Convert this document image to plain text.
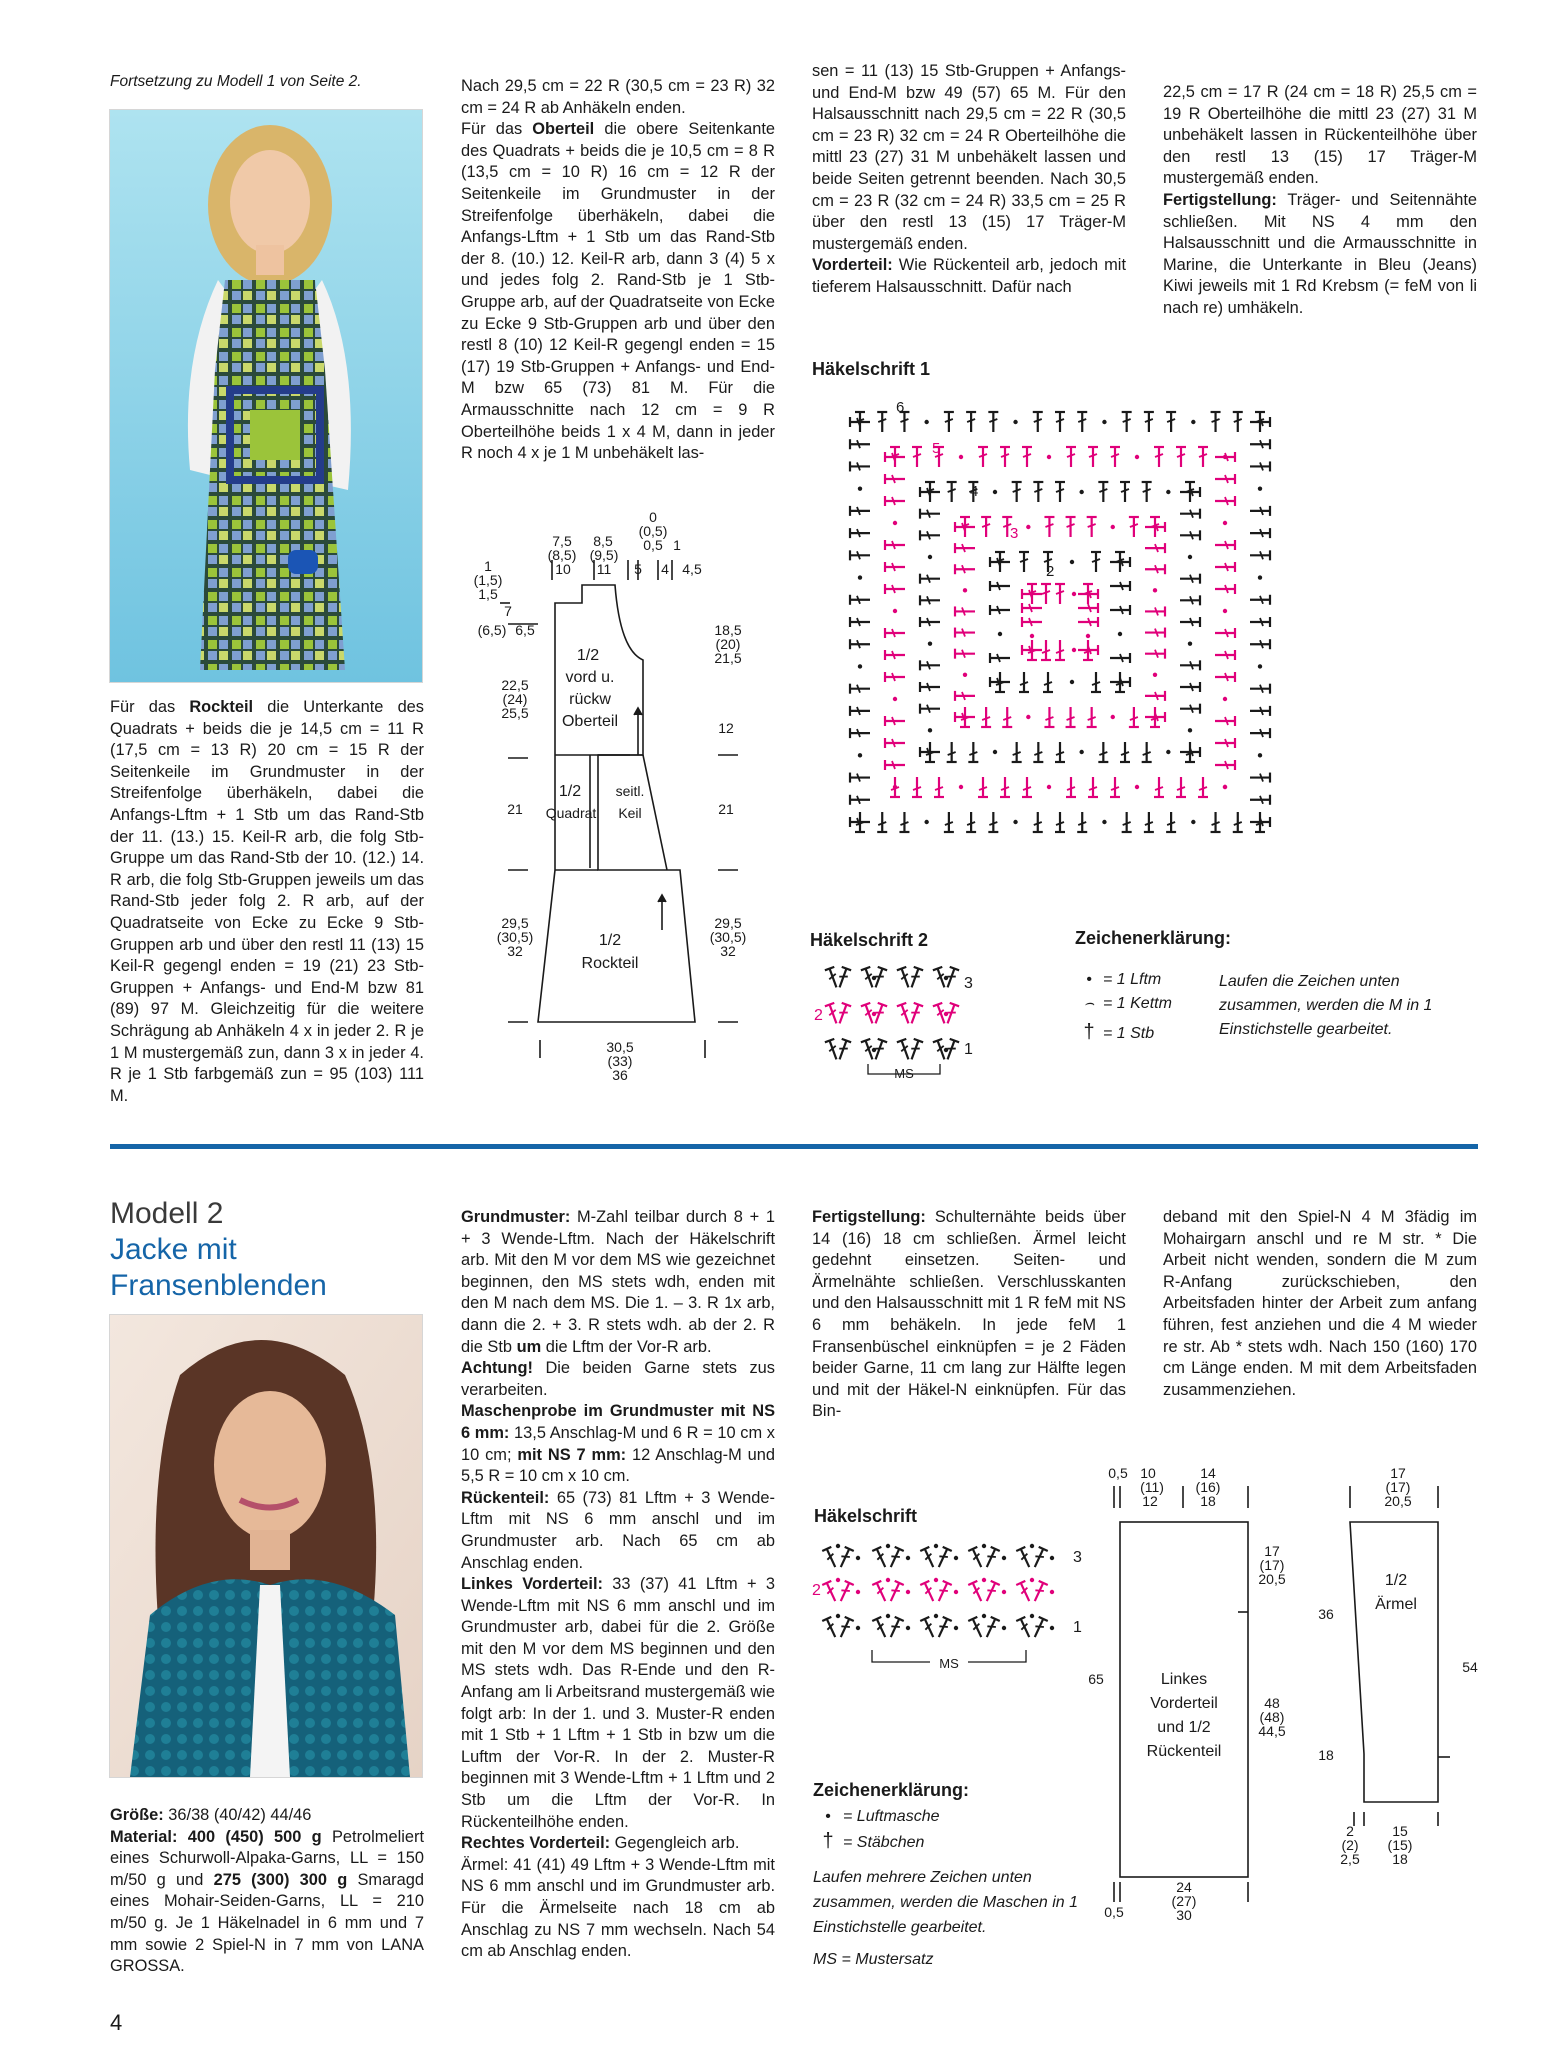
Fortsetzung zu Modell 1 von Seite 2.

Für das Rockteil die Unterkante des Quadrats + beids die je 14,5 cm = 11 R (17,5 cm = 13 R) 20 cm = 15 R der Seitenkeile im Grundmuster in der Streifenfolge überhäkeln, dabei die Anfangs-Lftm + 1 Stb um das Rand-Stb der 11. (13.) 15. Keil-R arb, die folg Stb-Gruppe um das Rand-Stb der 10. (12.) 14. R arb, die folg Stb-Gruppen jeweils um das Rand-Stb jeder folg 2. R arb, auf der Quadratseite von Ecke zu Ecke 9 Stb-Gruppen arb und über den restl 11 (13) 15 Keil-R gegengl enden = 19 (21) 23 Stb-Gruppen + Anfangs- und End-M bzw 81 (89) 97 M. Gleichzeitig für die weitere Schrägung ab Anhäkeln 4 x in jeder 2. R je 1 M mustergemäß zun, dann 3 x in jeder 4. R je 1 Stb farbgemäß zun = 95 (103) 111 M.

Nach 29,5 cm = 22 R (30,5 cm = 23 R) 32 cm = 24 R ab Anhäkeln enden.

Für das Oberteil die obere Seitenkante des Quadrats + beids die je 10,5 cm = 8 R (13,5 cm = 10 R) 16 cm = 12 R der Seitenkeile im Grundmuster in der Streifenfolge überhäkeln, dabei die Anfangs-Lftm + 1 Stb um das Rand-Stb der 8. (10.) 12. Keil-R arb, dann 3 (4) 5 x und jedes folg 2. Rand-Stb je 1 Stb-Gruppe arb, auf der Quadratseite von Ecke zu Ecke 9 Stb-Gruppen arb und über den restl 8 (10) 12 Keil-R gegengl enden = 15 (17) 19 Stb-Gruppen + Anfangs- und End-M bzw 65 (73) 81 M. Für die Armausschnitte nach 12 cm = 9 R Oberteilhöhe beids 1 x 4 M, dann in jeder R noch 4 x je 1 M unbehäkelt las-

sen = 11 (13) 15 Stb-Gruppen + Anfangs- und End-M bzw 49 (57) 65 M. Für den Halsausschnitt nach 29,5 cm = 22 R (30,5 cm = 23 R) 32 cm = 24 R Oberteilhöhe die mittl 23 (27) 31 M unbehäkelt lassen und beide Seiten getrennt beenden. Nach 30,5 cm = 23 R (32 cm = 24 R) 33,5 cm = 25 R über den restl 13 (15) 17 Träger-M mustergemäß enden.

Vorderteil: Wie Rückenteil arb, jedoch mit tieferem Halsausschnitt. Dafür nach

22,5 cm = 17 R (24 cm = 18 R) 25,5 cm = 19 R Oberteilhöhe die mittl 23 (27) 31 M unbehäkelt lassen in Rückenteilhöhe über den restl 13 (15) 17 Träger-M mustergemäß enden.

Fertigstellung: Träger- und Seitennähte schließen. Mit NS 4 mm den Halsausschnitt und die Armausschnitte in Marine, die Unterkante in Bleu (Jeans) Kiwi jeweils mit 1 Rd Krebsm (= feM von li nach re) umhäkeln.

7,5
(8,5)
10
8,5
(9,5)
11
0
(0,5)
0,5 1
5 4 4,5
1
(1,5)
1,5
7
(6,5) 6,5
22,5
(24)
25,5
21
29,5
(30,5)
32
18,5
(20)
21,5
12
21
29,5
(30,5)
32
30,5
(33)
36
1/2
vord u.
rückw
Oberteil
1/2
Quadrat
seitl.
Keil
1/2
Rockteil
Häkelschrift 1
6
5
4
3
2
Häkelschrift 2
3
2
1
MS
Zeichenerklärung:
• = 1 Lftm
⌢ = 1 Kettm
† = 1 Stb
Laufen die Zeichen unten zusammen, werden die M in 1 Einstichstelle gearbeitet.
Modell 2
Jacke mit
Fransenblenden

Größe: 36/38 (40/42) 44/46
Material: 400 (450) 500 g Petrolmeliert eines Schurwoll-Alpaka-Garns, LL = 150 m/50 g und 275 (300) 300 g Smaragd eines Mohair-Seiden-Garns, LL = 210 m/50 g. Je 1 Häkelnadel in 6 mm und 7 mm sowie 2 Spiel-N in 7 mm von LANA GROSSA.

Grundmuster: M-Zahl teilbar durch 8 + 1 + 3 Wende-Lftm. Nach der Häkelschrift arb. Mit den M vor dem MS wie gezeichnet beginnen, den MS stets wdh, enden mit den M nach dem MS. Die 1. – 3. R 1x arb, dann die 2. + 3. R stets wdh. ab der 2. R die Stb um die Lftm der Vor-R arb.

Achtung! Die beiden Garne stets zus verarbeiten.

Maschenprobe im Grundmuster mit NS 6 mm: 13,5 Anschlag-M und 6 R = 10 cm x 10 cm; mit NS 7 mm: 12 Anschlag-M und 5,5 R = 10 cm x 10 cm.

Rückenteil: 65 (73) 81 Lftm + 3 Wende-Lftm mit NS 6 mm anschl und im Grundmuster arb. Nach 65 cm ab Anschlag enden.

Linkes Vorderteil: 33 (37) 41 Lftm + 3 Wende-Lftm mit NS 6 mm anschl und im Grundmuster arb, dabei für die 2. Größe mit den M vor dem MS beginnen und den MS stets wdh. Das R-Ende und den R-Anfang am li Arbeitsrand mustergemäß wie folgt arb: In der 1. und 3. Muster-R enden mit 1 Stb + 1 Lftm + 1 Stb in bzw um die Luftm der Vor-R. In der 2. Muster-R beginnen mit 3 Wende-Lftm + 1 Lftm und 2 Stb um die Lftm der Vor-R. In Rückenteilhöhe enden.

Rechtes Vorderteil: Gegengleich arb.
Ärmel: 41 (41) 49 Lftm + 3 Wende-Lftm mit NS 6 mm anschl und im Grundmuster arb. Für die Ärmelseite nach 18 cm ab Anschlag zu NS 7 mm wechseln. Nach 54 cm ab Anschlag enden.

Fertigstellung: Schulternähte beids über 14 (16) 18 cm schließen. Ärmel leicht gedehnt einsetzen. Seiten- und Ärmelnähte schließen. Verschlusskanten und den Halsausschnitt mit 1 R feM mit NS 6 mm behäkeln. In jede feM 1 Fransenbüschel einknüpfen = je 2 Fäden beider Garne, 11 cm lang zur Hälfte legen und mit der Häkel-N einknüpfen. Für das Bin-

deband mit den Spiel-N 4 M 3fädig im Mohairgarn anschl und re M str. * Die Arbeit nicht wenden, sondern die M zum R-Anfang zurückschieben, den Arbeitsfaden hinter der Arbeit zum anfang führen, fest anziehen und die 4 M wieder re str. Ab * stets wdh. Nach 150 (160) 170 cm Länge enden. M mit dem Arbeitsfaden zusammenziehen.

Häkelschrift
3
2
1
MS
Zeichenerklärung:
• = Luftmasche
† = Stäbchen
Laufen mehrere Zeichen unten zusammen, werden die Maschen in 1 Einstichstelle gearbeitet.
MS = Mustersatz
0,5 10
(11)
12
14
(16)
18
17
(17)
20,5
48
(48)
44,5
65
0,5
24
(27)
30
Linkes
Vorderteil
und 1/2
Rückenteil
17
(17)
20,5
36
18
54
2
(2)
2,5
15
(15)
18
1/2
Ärmel
4
